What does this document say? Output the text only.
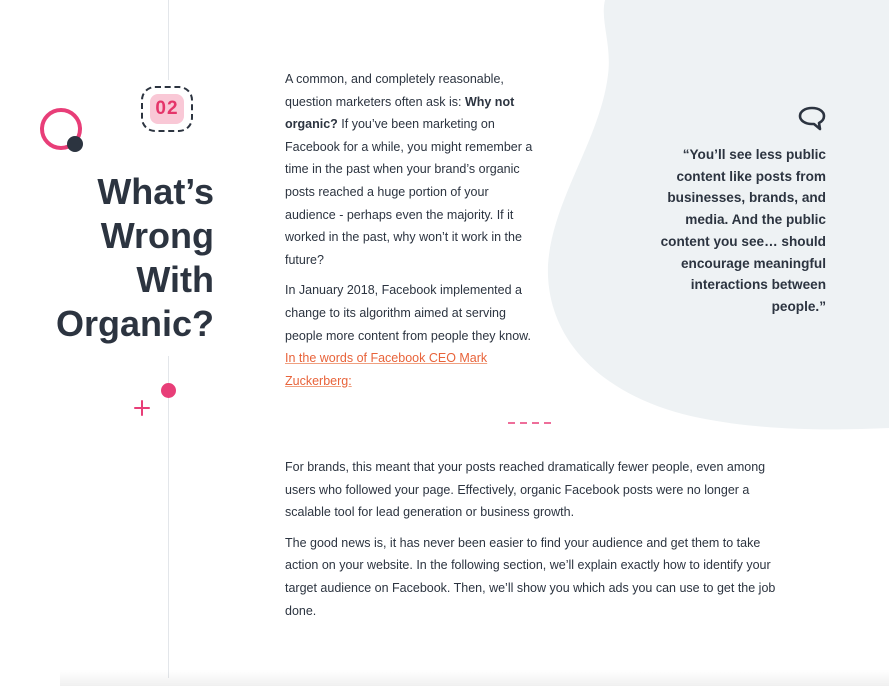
02
What’s
Wrong
With
Organic?

A common, and completely reasonable, question marketers often ask is: Why not organic? If you’ve been marketing on Facebook for a while, you might remember a time in the past when your brand’s organic posts reached a huge portion of your audience - perhaps even the majority. If it worked in the past, why won’t it work in the future?

In January 2018, Facebook implemented a change to its algorithm aimed at serving people more content from people they know. In the words of Facebook CEO Mark Zuckerberg:

“You’ll see less public content like posts from businesses, brands, and media. And the public content you see… should encourage meaningful interactions between people.”

For brands, this meant that your posts reached dramatically fewer people, even among users who followed your page. Effectively, organic Facebook posts were no longer a scalable tool for lead generation or business growth.

The good news is, it has never been easier to find your audience and get them to take action on your website. In the following section, we’ll explain exactly how to identify your target audience on Facebook. Then, we’ll show you which ads you can use to get the job done.
